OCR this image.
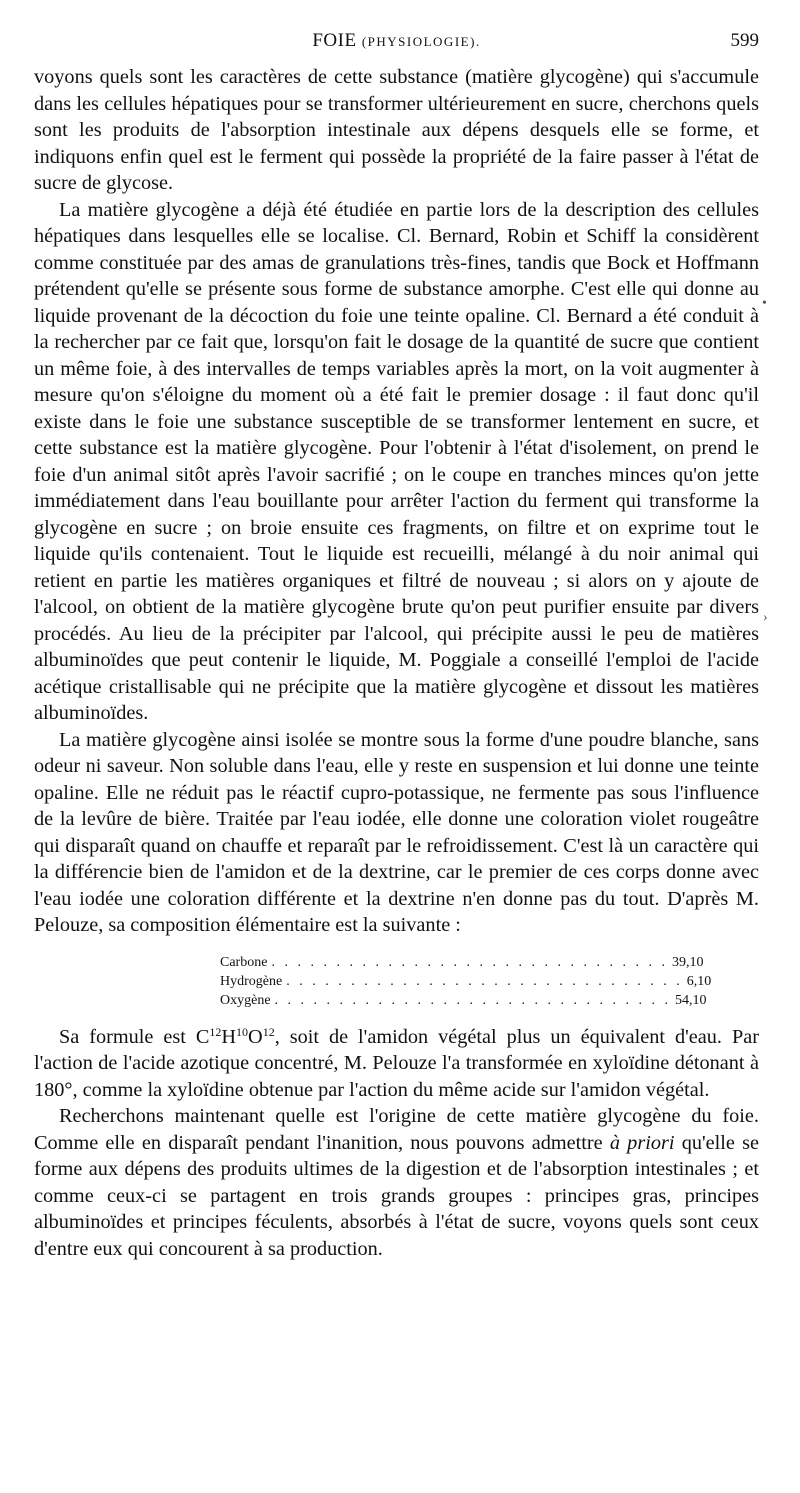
FOIE (PHYSIOLOGIE).	599

voyons quels sont les caractères de cette substance (matière glycogène) qui s'accumule dans les cellules hépatiques pour se transformer ultérieurement en sucre, cherchons quels sont les produits de l'absorption intestinale aux dépens desquels elle se forme, et indiquons enfin quel est le ferment qui possède la propriété de la faire passer à l'état de sucre de glycose.

La matière glycogène a déjà été étudiée en partie lors de la description des cellules hépatiques dans lesquelles elle se localise. Cl. Bernard, Robin et Schiff la considèrent comme constituée par des amas de granulations très-fines, tandis que Bock et Hoffmann prétendent qu'elle se présente sous forme de substance amorphe. C'est elle qui donne au liquide provenant de la décoction du foie une teinte opaline. Cl. Bernard a été conduit à la rechercher par ce fait que, lorsqu'on fait le dosage de la quantité de sucre que contient un même foie, à des intervalles de temps variables après la mort, on la voit augmenter à mesure qu'on s'éloigne du moment où a été fait le premier dosage : il faut donc qu'il existe dans le foie une substance susceptible de se transformer lentement en sucre, et cette substance est la matière glycogène. Pour l'obtenir à l'état d'isolement, on prend le foie d'un animal sitôt après l'avoir sacrifié ; on le coupe en tranches minces qu'on jette immédiatement dans l'eau bouillante pour arrêter l'action du ferment qui transforme la glycogène en sucre ; on broie ensuite ces fragments, on filtre et on exprime tout le liquide qu'ils contenaient. Tout le liquide est recueilli, mélangé à du noir animal qui retient en partie les matières organiques et filtré de nouveau ; si alors on y ajoute de l'alcool, on obtient de la matière glycogène brute qu'on peut purifier ensuite par divers procédés. Au lieu de la précipiter par l'alcool, qui précipite aussi le peu de matières albuminoïdes que peut contenir le liquide, M. Poggiale a conseillé l'emploi de l'acide acétique cristallisable qui ne précipite que la matière glycogène et dissout les matières albuminoïdes.

La matière glycogène ainsi isolée se montre sous la forme d'une poudre blanche, sans odeur ni saveur. Non soluble dans l'eau, elle y reste en suspension et lui donne une teinte opaline. Elle ne réduit pas le réactif cupro-potassique, ne fermente pas sous l'influence de la levûre de bière. Traitée par l'eau iodée, elle donne une coloration violet rougeâtre qui disparaît quand on chauffe et reparaît par le refroidissement. C'est là un caractère qui la différencie bien de l'amidon et de la dextrine, car le premier de ces corps donne avec l'eau iodée une coloration différente et la dextrine n'en donne pas du tout. D'après M. Pelouze, sa composition élémentaire est la suivante :

Carbone . . . . . . . . . . . . . . . . . . . . . . . . . . . . . . . 39,10
Hydrogène . . . . . . . . . . . . . . . . . . . . . . . . . . . . . . . 6,10
Oxygène . . . . . . . . . . . . . . . . . . . . . . . . . . . . . . . 54,10

Sa formule est $C^{12}H^{10}O^{12}$, soit de l'amidon végétal plus un équivalent d'eau. Par l'action de l'acide azotique concentré, M. Pelouze l'a transformée en xyloïdine détonant à 180°, comme la xyloïdine obtenue par l'action du même acide sur l'amidon végétal.

Recherchons maintenant quelle est l'origine de cette matière glycogène du foie. Comme elle en disparaît pendant l'inanition, nous pouvons admettre à priori qu'elle se forme aux dépens des produits ultimes de la digestion et de l'absorption intestinales ; et comme ceux-ci se partagent en trois grands groupes : principes gras, principes albuminoïdes et principes féculents, absorbés à l'état de sucre, voyons quels sont ceux d'entre eux qui concourent à sa production.

•
›
